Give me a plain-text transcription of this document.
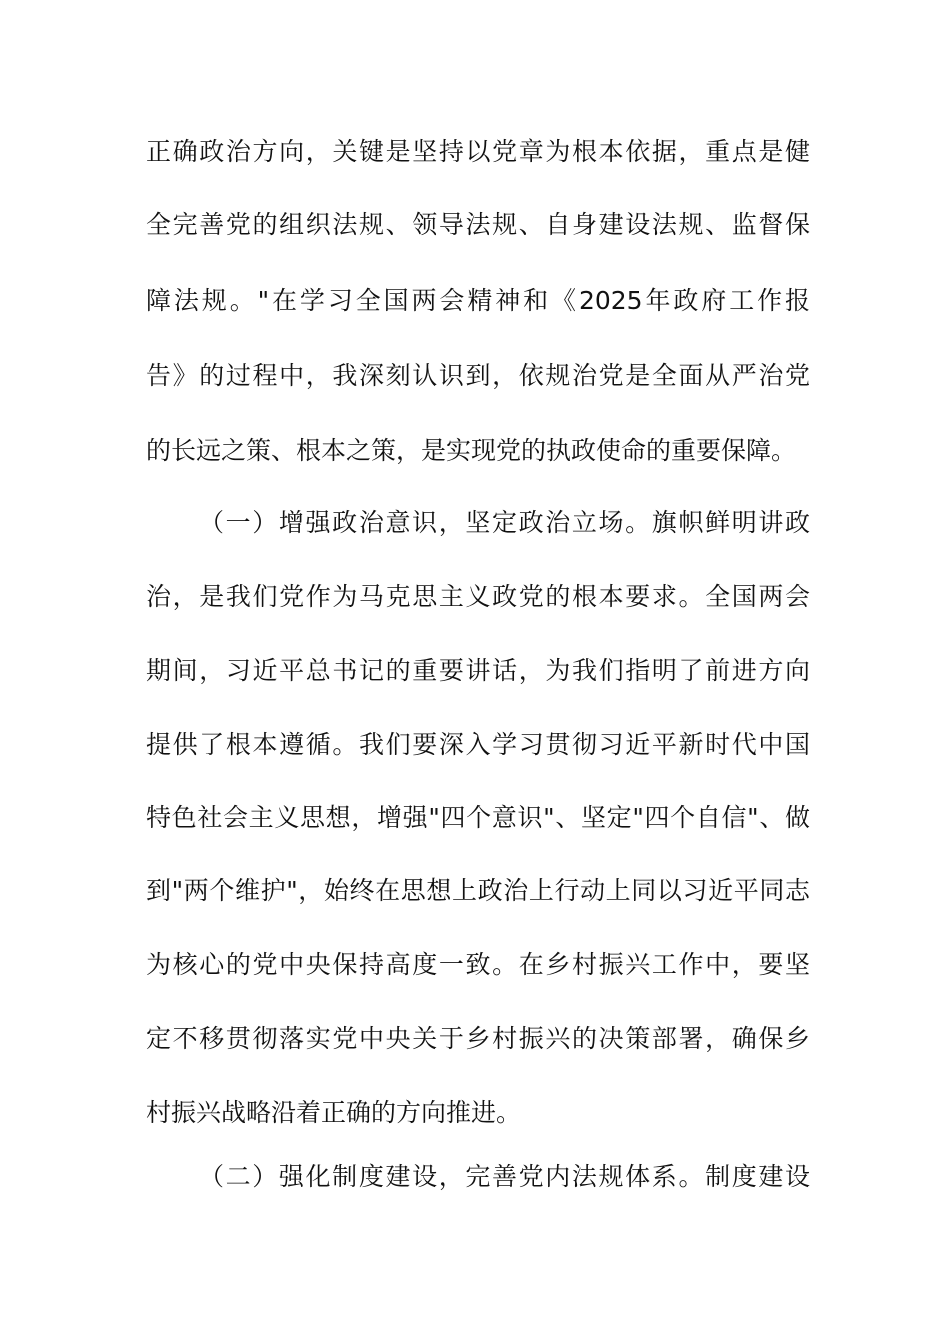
正确政治方向，关键是坚持以党章为根本依据，重点是健
全完善党的组织法规、领导法规、自身建设法规、监督保
障法规。"在学习全国两会精神和《2025年政府工作报
告》的过程中，我深刻认识到，依规治党是全面从严治党
的长远之策、根本之策，是实现党的执政使命的重要保障。
（一）增强政治意识，坚定政治立场。旗帜鲜明讲政
治，是我们党作为马克思主义政党的根本要求。全国两会
期间，习近平总书记的重要讲话，为我们指明了前进方向
提供了根本遵循。我们要深入学习贯彻习近平新时代中国
特色社会主义思想，增强"四个意识"、坚定"四个自信"、做
到"两个维护"，始终在思想上政治上行动上同以习近平同志
为核心的党中央保持高度一致。在乡村振兴工作中，要坚
定不移贯彻落实党中央关于乡村振兴的决策部署，确保乡
村振兴战略沿着正确的方向推进。
（二）强化制度建设，完善党内法规体系。制度建设
